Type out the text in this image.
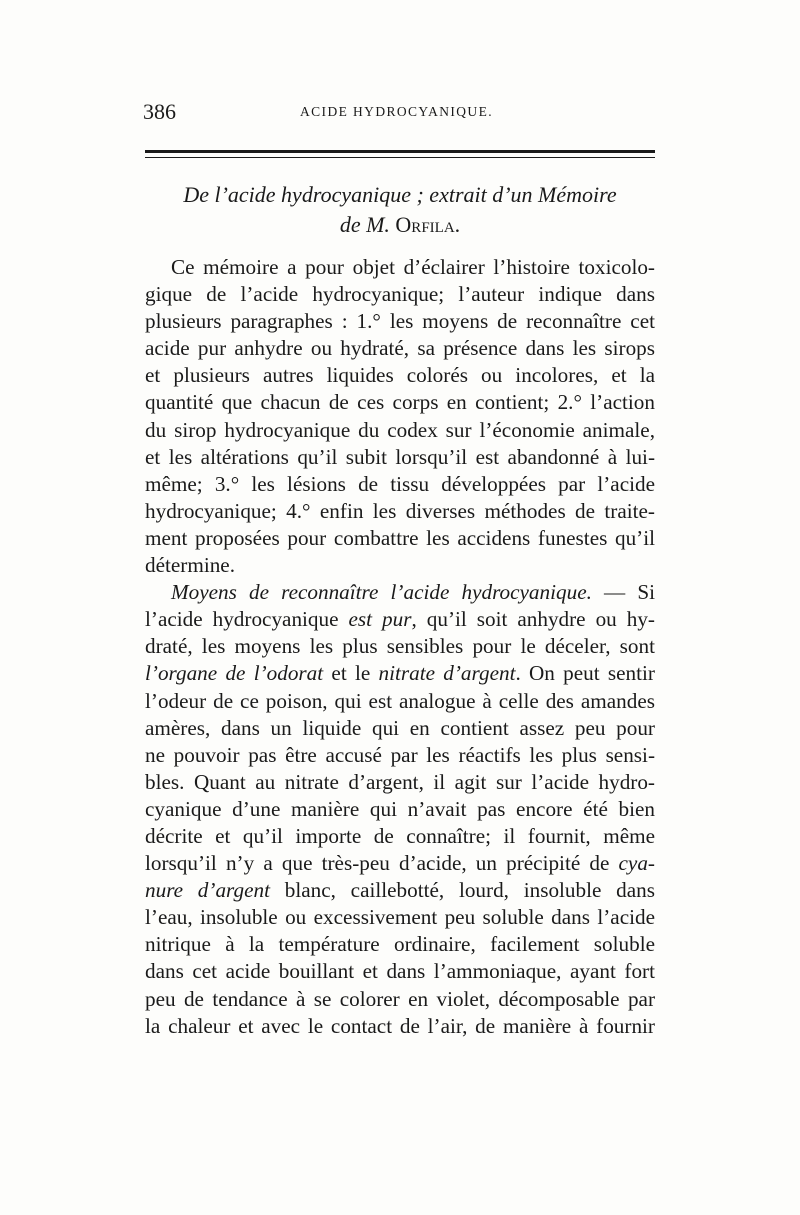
386	ACIDE HYDROCYANIQUE.
De l’acide hydrocyanique ; extrait d’un Mémoire
de M. Orfila.
Ce mémoire a pour objet d’éclairer l’histoire toxicolo-
gique de l’acide hydrocyanique; l’auteur indique dans
plusieurs paragraphes : 1.° les moyens de reconnaître cet
acide pur anhydre ou hydraté, sa présence dans les sirops
et plusieurs autres liquides colorés ou incolores, et la
quantité que chacun de ces corps en contient; 2.° l’action
du sirop hydrocyanique du codex sur l’économie animale,
et les altérations qu’il subit lorsqu’il est abandonné à lui-
même; 3.° les lésions de tissu développées par l’acide
hydrocyanique; 4.° enfin les diverses méthodes de traite-
ment proposées pour combattre les accidens funestes qu’il
détermine.
Moyens de reconnaître l’acide hydrocyanique. — Si
l’acide hydrocyanique est pur, qu’il soit anhydre ou hy-
draté, les moyens les plus sensibles pour le déceler, sont
l’organe de l’odorat et le nitrate d’argent. On peut sentir
l’odeur de ce poison, qui est analogue à celle des amandes
amères, dans un liquide qui en contient assez peu pour
ne pouvoir pas être accusé par les réactifs les plus sensi-
bles. Quant au nitrate d’argent, il agit sur l’acide hydro-
cyanique d’une manière qui n’avait pas encore été bien
décrite et qu’il importe de connaître; il fournit, même
lorsqu’il n’y a que très-peu d’acide, un précipité de cya-
nure d’argent blanc, caillebotté, lourd, insoluble dans
l’eau, insoluble ou excessivement peu soluble dans l’acide
nitrique à la température ordinaire, facilement soluble
dans cet acide bouillant et dans l’ammoniaque, ayant fort
peu de tendance à se colorer en violet, décomposable par
la chaleur et avec le contact de l’air, de manière à fournir
